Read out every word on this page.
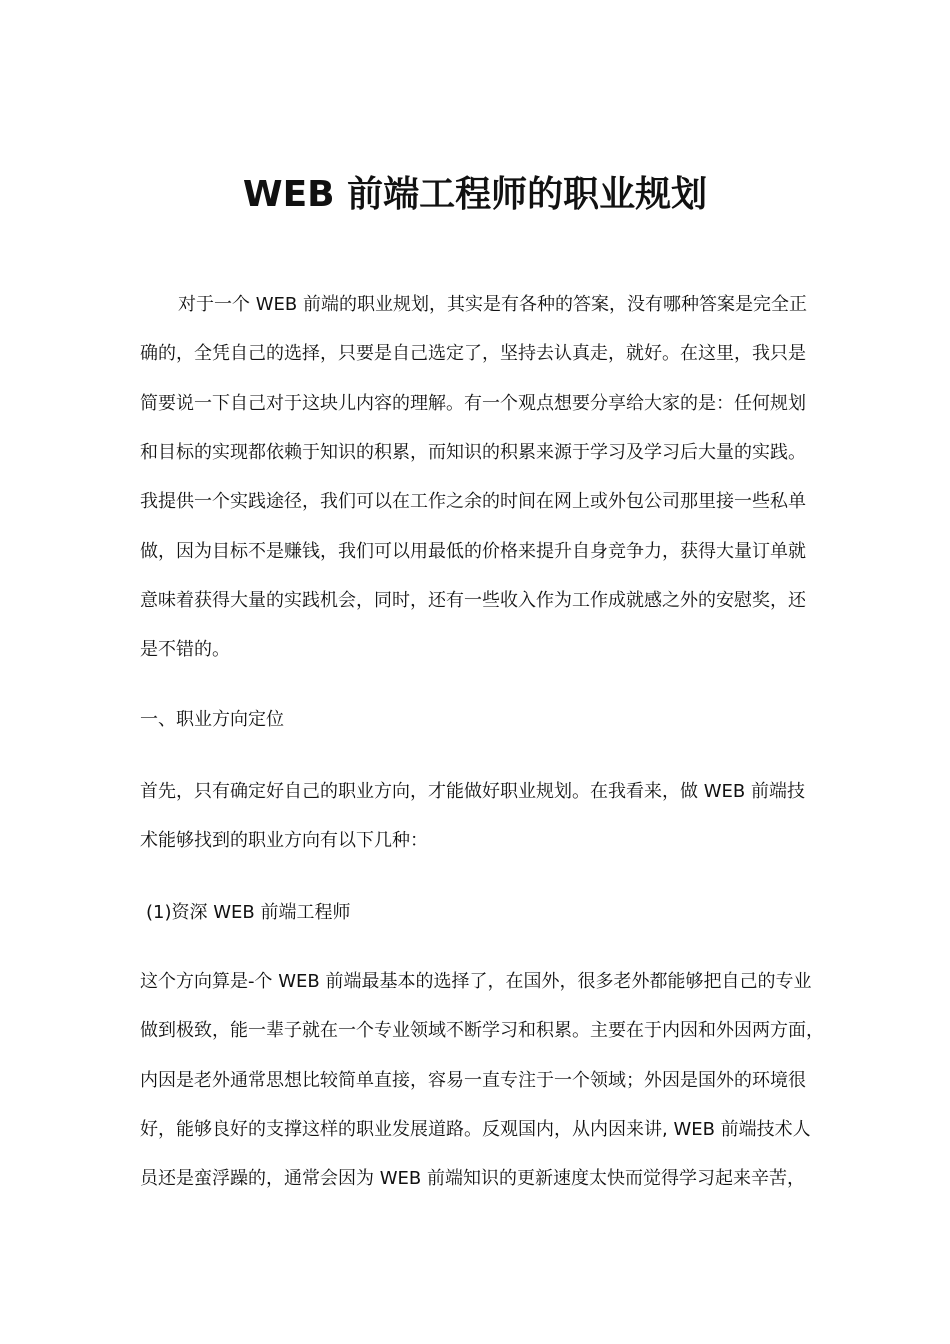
WEB 前端工程师的职业规划

对于一个 WEB 前端的职业规划，其实是有各种的答案，没有哪种答案是完全正

确的，全凭自己的选择，只要是自己选定了，坚持去认真走，就好。在这里，我只是

简要说一下自己对于这块儿内容的理解。有一个观点想要分享给大家的是：任何规划

和目标的实现都依赖于知识的积累，而知识的积累来源于学习及学习后大量的实践。

我提供一个实践途径，我们可以在工作之余的时间在网上或外包公司那里接一些私单

做，因为目标不是赚钱，我们可以用最低的价格来提升自身竞争力，获得大量订单就

意味着获得大量的实践机会，同时，还有一些收入作为工作成就感之外的安慰奖，还

是不错的。

一、职业方向定位

首先，只有确定好自己的职业方向，才能做好职业规划。在我看来，做 WEB 前端技

术能够找到的职业方向有以下几种：

(1)资深 WEB 前端工程师

这个方向算是-个 WEB 前端最基本的选择了，在国外，很多老外都能够把自己的专业

做到极致，能一辈子就在一个专业领域不断学习和积累。主要在于内因和外因两方面，

内因是老外通常思想比较简单直接，容易一直专注于一个领域；外因是国外的环境很

好，能够良好的支撑这样的职业发展道路。反观国内，从内因来讲, WEB 前端技术人

员还是蛮浮躁的，通常会因为 WEB 前端知识的更新速度太快而觉得学习起来辛苦，
